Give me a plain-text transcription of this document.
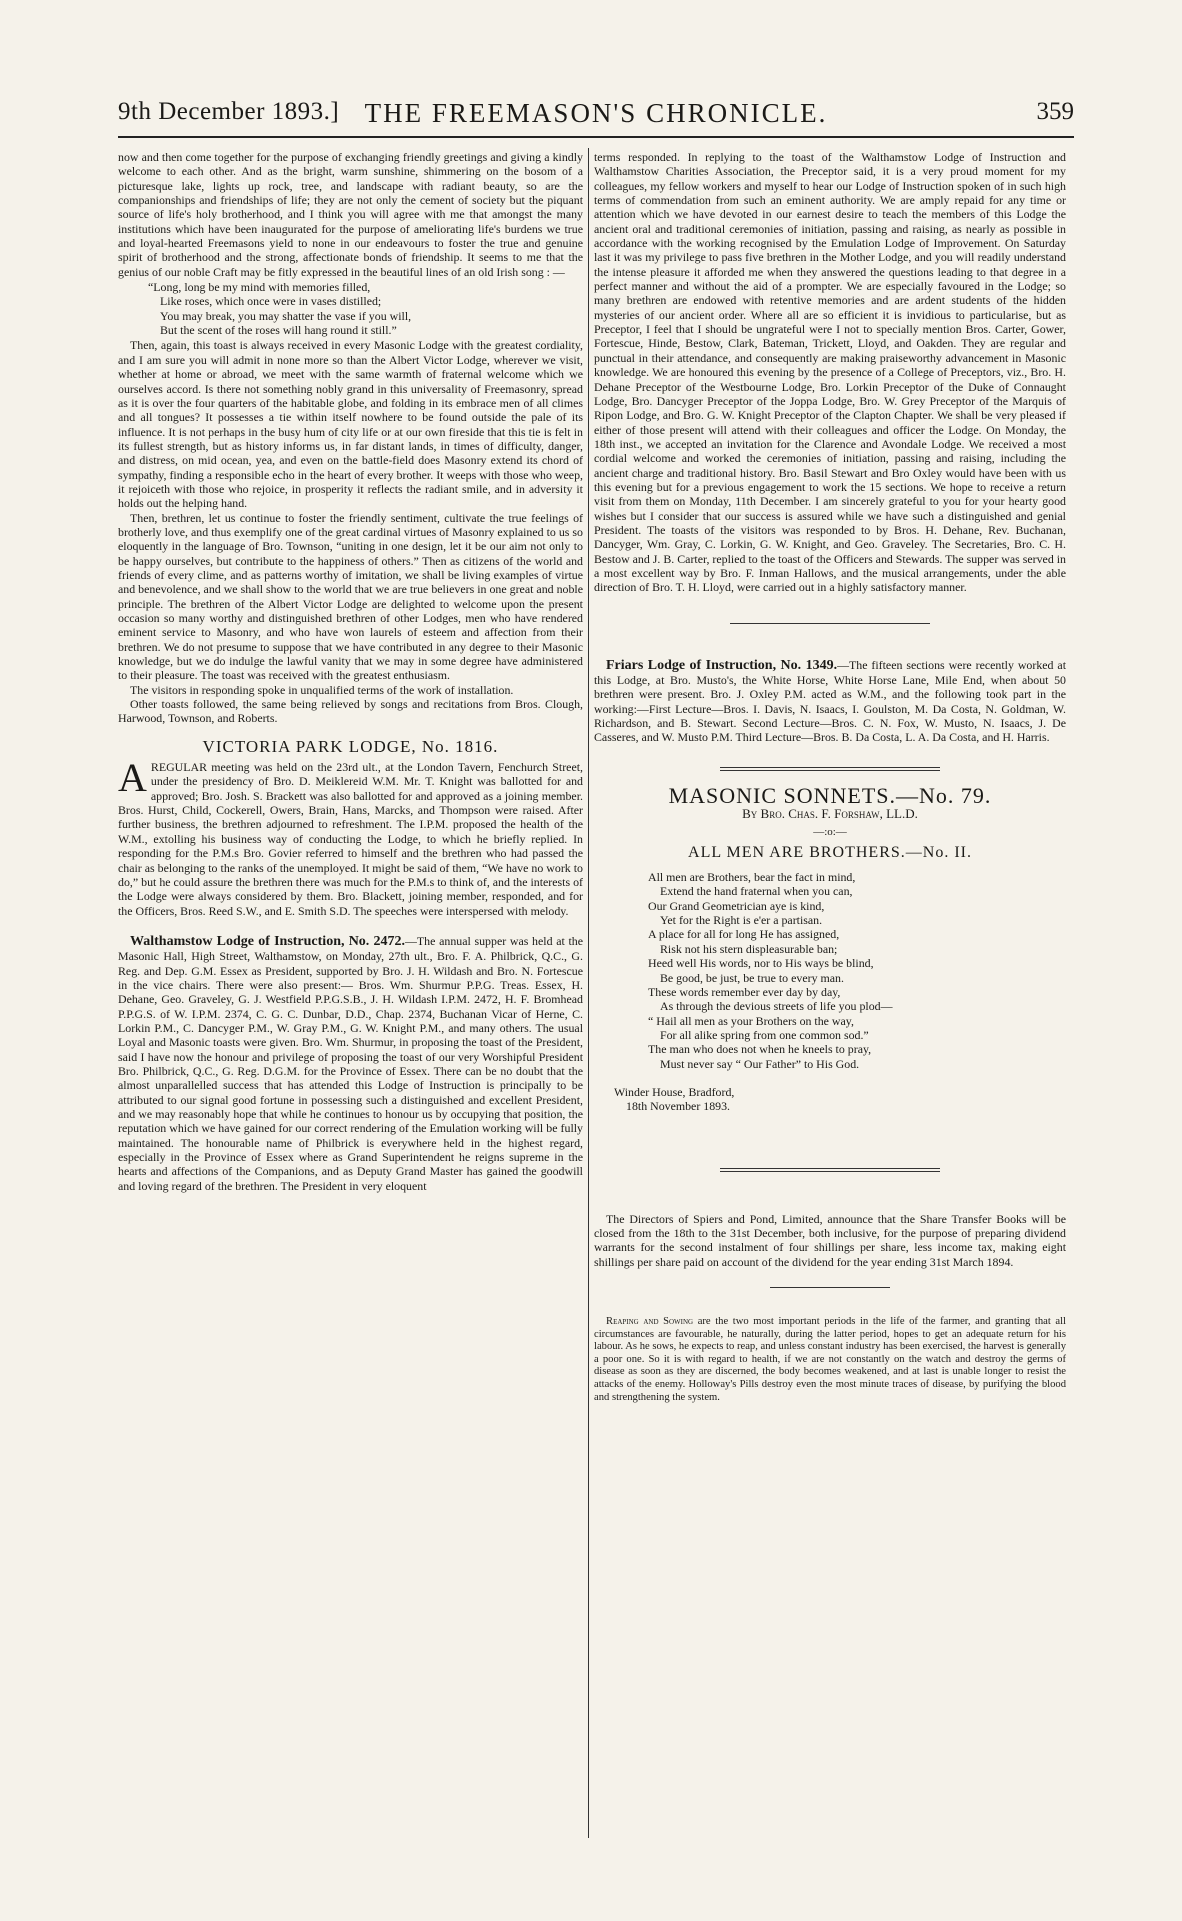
9th December 1893.] THE FREEMASON'S CHRONICLE.	359

now and then come together for the purpose of exchanging friendly greetings and giving a kindly welcome to each other. And as the bright, warm sunshine, shimmering on the bosom of a picturesque lake, lights up rock, tree, and landscape with radiant beauty, so are the companionships and friendships of life; they are not only the cement of society but the piquant source of life's holy brotherhood, and I think you will agree with me that amongst the many institutions which have been inaugurated for the purpose of ameliorating life's burdens we true and loyal-hearted Freemasons yield to none in our endeavours to foster the true and genuine spirit of brotherhood and the strong, affectionate bonds of friendship. It seems to me that the genius of our noble Craft may be fitly expressed in the beautiful lines of an old Irish song : —

“Long, long be my mind with memories filled,
Like roses, which once were in vases distilled;
You may break, you may shatter the vase if you will,
But the scent of the roses will hang round it still.”

Then, again, this toast is always received in every Masonic Lodge with the greatest cordiality, and I am sure you will admit in none more so than the Albert Victor Lodge, wherever we visit, whether at home or abroad, we meet with the same warmth of fraternal welcome which we ourselves accord. Is there not something nobly grand in this universality of Freemasonry, spread as it is over the four quarters of the habitable globe, and folding in its embrace men of all climes and all tongues? It possesses a tie within itself nowhere to be found outside the pale of its influence. It is not perhaps in the busy hum of city life or at our own fireside that this tie is felt in its fullest strength, but as history informs us, in far distant lands, in times of difficulty, danger, and distress, on mid ocean, yea, and even on the battle-field does Masonry extend its chord of sympathy, finding a responsible echo in the heart of every brother. It weeps with those who weep, it rejoiceth with those who rejoice, in prosperity it reflects the radiant smile, and in adversity it holds out the helping hand.

Then, brethren, let us continue to foster the friendly sentiment, cultivate the true feelings of brotherly love, and thus exemplify one of the great cardinal virtues of Masonry explained to us so eloquently in the language of Bro. Townson, “uniting in one design, let it be our aim not only to be happy ourselves, but contribute to the happiness of others.” Then as citizens of the world and friends of every clime, and as patterns worthy of imitation, we shall be living examples of virtue and benevolence, and we shall show to the world that we are true believers in one great and noble principle. The brethren of the Albert Victor Lodge are delighted to welcome upon the present occasion so many worthy and distinguished brethren of other Lodges, men who have rendered eminent service to Masonry, and who have won laurels of esteem and affection from their brethren. We do not presume to suppose that we have contributed in any degree to their Masonic knowledge, but we do indulge the lawful vanity that we may in some degree have administered to their pleasure. The toast was received with the greatest enthusiasm.

The visitors in responding spoke in unqualified terms of the work of installation.

Other toasts followed, the same being relieved by songs and recitations from Bros. Clough, Harwood, Townson, and Roberts.

VICTORIA PARK LODGE, No. 1816.

AREGULAR meeting was held on the 23rd ult., at the London Tavern, Fenchurch Street, under the presidency of Bro. D. Meiklereid W.M. Mr. T. Knight was ballotted for and approved; Bro. Josh. S. Brackett was also ballotted for and approved as a joining member. Bros. Hurst, Child, Cockerell, Owers, Brain, Hans, Marcks, and Thompson were raised. After further business, the brethren adjourned to refreshment. The I.P.M. proposed the health of the W.M., extolling his business way of conducting the Lodge, to which he briefly replied. In responding for the P.M.s Bro. Govier referred to himself and the brethren who had passed the chair as belonging to the ranks of the unemployed. It might be said of them, “We have no work to do,” but he could assure the brethren there was much for the P.M.s to think of, and the interests of the Lodge were always considered by them. Bro. Blackett, joining member, responded, and for the Officers, Bros. Reed S.W., and E. Smith S.D. The speeches were interspersed with melody.

Walthamstow Lodge of Instruction, No. 2472.—The annual supper was held at the Masonic Hall, High Street, Walthamstow, on Monday, 27th ult., Bro. F. A. Philbrick, Q.C., G. Reg. and Dep. G.M. Essex as President, supported by Bro. J. H. Wildash and Bro. N. Fortescue in the vice chairs. There were also present:— Bros. Wm. Shurmur P.P.G. Treas. Essex, H. Dehane, Geo. Graveley, G. J. Westfield P.P.G.S.B., J. H. Wildash I.P.M. 2472, H. F. Bromhead P.P.G.S. of W. I.P.M. 2374, C. G. C. Dunbar, D.D., Chap. 2374, Buchanan Vicar of Herne, C. Lorkin P.M., C. Dancyger P.M., W. Gray P.M., G. W. Knight P.M., and many others. The usual Loyal and Masonic toasts were given. Bro. Wm. Shurmur, in proposing the toast of the President, said I have now the honour and privilege of proposing the toast of our very Worshipful President Bro. Philbrick, Q.C., G. Reg. D.G.M. for the Province of Essex. There can be no doubt that the almost unparallelled success that has attended this Lodge of Instruction is principally to be attributed to our signal good fortune in possessing such a distinguished and excellent President, and we may reasonably hope that while he continues to honour us by occupying that position, the reputation which we have gained for our correct rendering of the Emulation working will be fully maintained. The honourable name of Philbrick is everywhere held in the highest regard, especially in the Province of Essex where as Grand Superintendent he reigns supreme in the hearts and affections of the Companions, and as Deputy Grand Master has gained the goodwill and loving regard of the brethren. The President in very eloquent

terms responded. In replying to the toast of the Walthamstow Lodge of Instruction and Walthamstow Charities Association, the Preceptor said, it is a very proud moment for my colleagues, my fellow workers and myself to hear our Lodge of Instruction spoken of in such high terms of commendation from such an eminent authority. We are amply repaid for any time or attention which we have devoted in our earnest desire to teach the members of this Lodge the ancient oral and traditional ceremonies of initiation, passing and raising, as nearly as possible in accordance with the working recognised by the Emulation Lodge of Improvement. On Saturday last it was my privilege to pass five brethren in the Mother Lodge, and you will readily understand the intense pleasure it afforded me when they answered the questions leading to that degree in a perfect manner and without the aid of a prompter. We are especially favoured in the Lodge; so many brethren are endowed with retentive memories and are ardent students of the hidden mysteries of our ancient order. Where all are so efficient it is invidious to particularise, but as Preceptor, I feel that I should be ungrateful were I not to specially mention Bros. Carter, Gower, Fortescue, Hinde, Bestow, Clark, Bateman, Trickett, Lloyd, and Oakden. They are regular and punctual in their attendance, and consequently are making praiseworthy advancement in Masonic knowledge. We are honoured this evening by the presence of a College of Preceptors, viz., Bro. H. Dehane Preceptor of the Westbourne Lodge, Bro. Lorkin Preceptor of the Duke of Connaught Lodge, Bro. Dancyger Preceptor of the Joppa Lodge, Bro. W. Grey Preceptor of the Marquis of Ripon Lodge, and Bro. G. W. Knight Preceptor of the Clapton Chapter. We shall be very pleased if either of those present will attend with their colleagues and officer the Lodge. On Monday, the 18th inst., we accepted an invitation for the Clarence and Avondale Lodge. We received a most cordial welcome and worked the ceremonies of initiation, passing and raising, including the ancient charge and traditional history. Bro. Basil Stewart and Bro Oxley would have been with us this evening but for a previous engagement to work the 15 sections. We hope to receive a return visit from them on Monday, 11th December. I am sincerely grateful to you for your hearty good wishes but I consider that our success is assured while we have such a distinguished and genial President. The toasts of the visitors was responded to by Bros. H. Dehane, Rev. Buchanan, Dancyger, Wm. Gray, C. Lorkin, G. W. Knight, and Geo. Graveley. The Secretaries, Bro. C. H. Bestow and J. B. Carter, replied to the toast of the Officers and Stewards. The supper was served in a most excellent way by Bro. F. Inman Hallows, and the musical arrangements, under the able direction of Bro. T. H. Lloyd, were carried out in a highly satisfactory manner.

Friars Lodge of Instruction, No. 1349.—The fifteen sections were recently worked at this Lodge, at Bro. Musto's, the White Horse, White Horse Lane, Mile End, when about 50 brethren were present. Bro. J. Oxley P.M. acted as W.M., and the following took part in the working:—First Lecture—Bros. I. Davis, N. Isaacs, I. Goulston, M. Da Costa, N. Goldman, W. Richardson, and B. Stewart. Second Lecture—Bros. C. N. Fox, W. Musto, N. Isaacs, J. De Casseres, and W. Musto P.M. Third Lecture—Bros. B. Da Costa, L. A. Da Costa, and H. Harris.

MASONIC SONNETS.—No. 79.
By Bro. Chas. F. Forshaw, LL.D.
—:o:—
ALL MEN ARE BROTHERS.—No. II.
All men are Brothers, bear the fact in mind,
Extend the hand fraternal when you can,
Our Grand Geometrician aye is kind,
Yet for the Right is e'er a partisan.
A place for all for long He has assigned,
Risk not his stern displeasurable ban;
Heed well His words, nor to His ways be blind,
Be good, be just, be true to every man.
These words remember ever day by day,
As through the devious streets of life you plod—
“ Hail all men as your Brothers on the way,
For all alike spring from one common sod.”
The man who does not when he kneels to pray,
Must never say “ Our Father” to His God.
Winder House, Bradford,
18th November 1893.

The Directors of Spiers and Pond, Limited, announce that the Share Transfer Books will be closed from the 18th to the 31st December, both inclusive, for the purpose of preparing dividend warrants for the second instalment of four shillings per share, less income tax, making eight shillings per share paid on account of the dividend for the year ending 31st March 1894.

Reaping and Sowing are the two most important periods in the life of the farmer, and granting that all circumstances are favourable, he naturally, during the latter period, hopes to get an adequate return for his labour. As he sows, he expects to reap, and unless constant industry has been exercised, the harvest is generally a poor one. So it is with regard to health, if we are not constantly on the watch and destroy the germs of disease as soon as they are discerned, the body becomes weakened, and at last is unable longer to resist the attacks of the enemy. Holloway's Pills destroy even the most minute traces of disease, by purifying the blood and strengthening the system.
